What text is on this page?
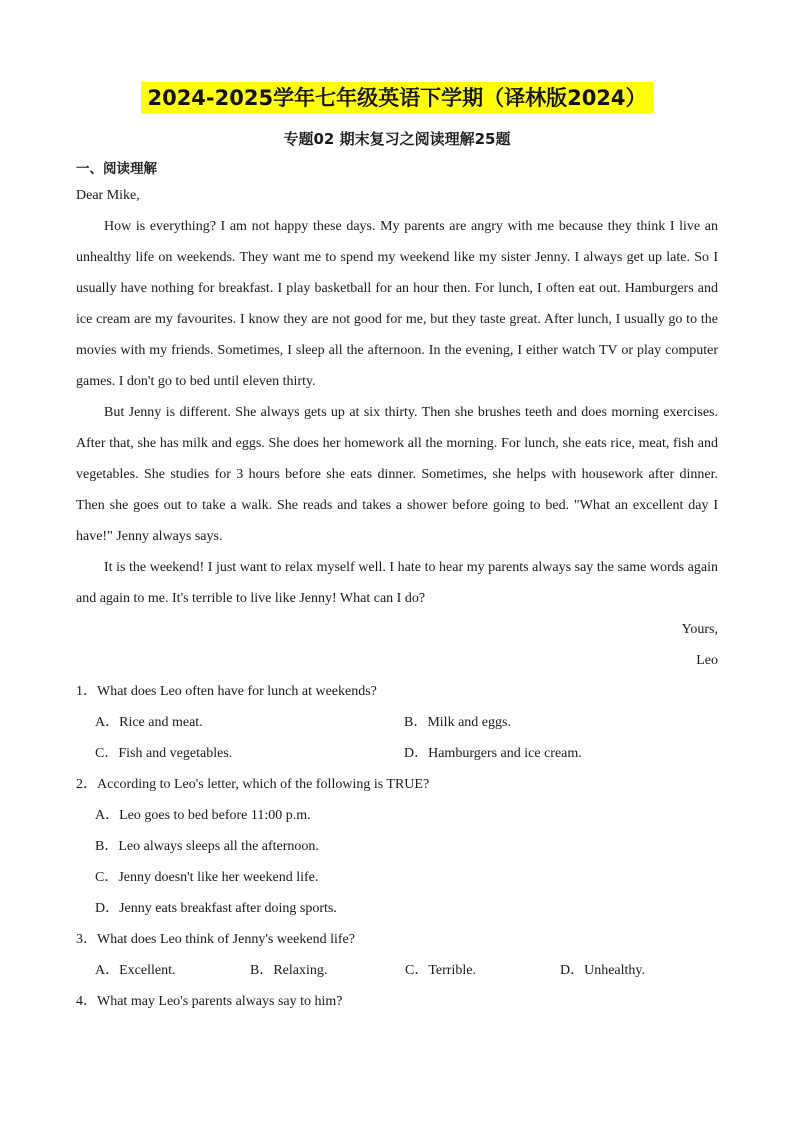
2024-2025学年七年级英语下学期（译林版2024）
专题02 期末复习之阅读理解25题
一、阅读理解

Dear Mike,

How is everything? I am not happy these days. My parents are angry with me because they think I live an unhealthy life on weekends. They want me to spend my weekend like my sister Jenny. I always get up late. So I usually have nothing for breakfast. I play basketball for an hour then. For lunch, I often eat out. Hamburgers and ice cream are my favourites. I know they are not good for me, but they taste great. After lunch, I usually go to the movies with my friends. Sometimes, I sleep all the afternoon. In the evening, I either watch TV or play computer games. I don't go to bed until eleven thirty.

But Jenny is different. She always gets up at six thirty. Then she brushes teeth and does morning exercises. After that, she has milk and eggs. She does her homework all the morning. For lunch, she eats rice, meat, fish and vegetables. She studies for 3 hours before she eats dinner. Sometimes, she helps with housework after dinner. Then she goes out to take a walk. She reads and takes a shower before going to bed. "What an excellent day I have!" Jenny always says.

It is the weekend! I just want to relax myself well. I hate to hear my parents always say the same words again and again to me. It's terrible to live like Jenny! What can I do?

Yours,

Leo

1．What does Leo often have for lunch at weekends?

A．Rice and meat.	B．Milk and eggs.
C．Fish and vegetables.	D．Hamburgers and ice cream.

2．According to Leo's letter, which of the following is TRUE?

A．Leo goes to bed before 11:00 p.m.
B．Leo always sleeps all the afternoon.
C．Jenny doesn't like her weekend life.
D．Jenny eats breakfast after doing sports.

3．What does Leo think of Jenny's weekend life?

A．Excellent.	B．Relaxing.	C．Terrible.	D．Unhealthy.

4．What may Leo's parents always say to him?
